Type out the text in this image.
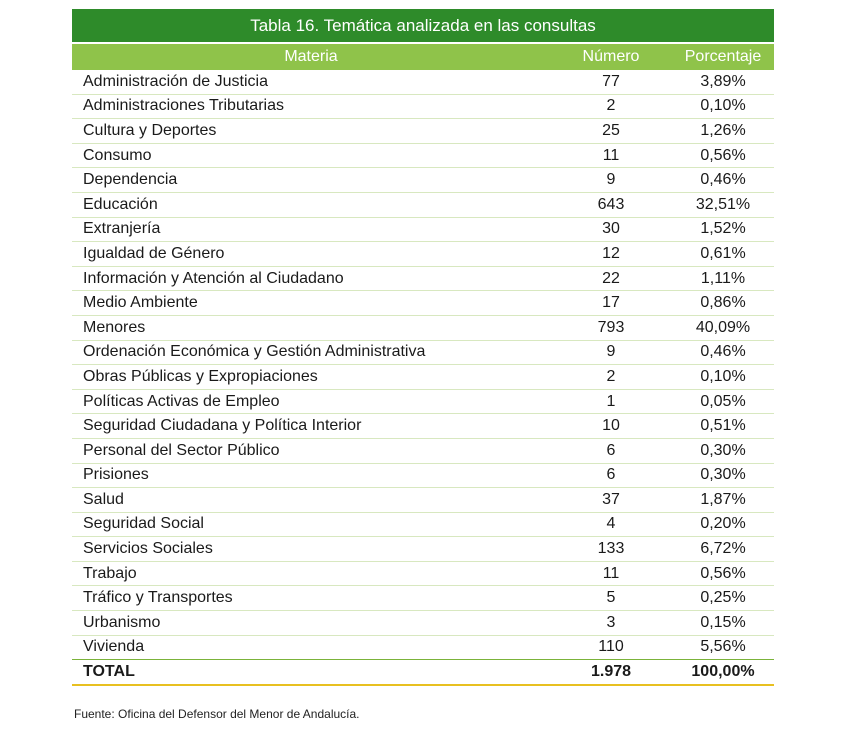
Tabla 16. Temática analizada en las consultas
Materia	Número	Porcentaje
Administración de Justicia	77	3,89%
Administraciones Tributarias	2	0,10%
Cultura y Deportes	25	1,26%
Consumo	11	0,56%
Dependencia	9	0,46%
Educación	643	32,51%
Extranjería	30	1,52%
Igualdad de Género	12	0,61%
Información y Atención al Ciudadano	22	1,11%
Medio Ambiente	17	0,86%
Menores	793	40,09%
Ordenación Económica y Gestión Administrativa	9	0,46%
Obras Públicas y Expropiaciones	2	0,10%
Políticas Activas de Empleo	1	0,05%
Seguridad Ciudadana y Política Interior	10	0,51%
Personal del Sector Público	6	0,30%
Prisiones	6	0,30%
Salud	37	1,87%
Seguridad Social	4	0,20%
Servicios Sociales	133	6,72%
Trabajo	11	0,56%
Tráfico y Transportes	5	0,25%
Urbanismo	3	0,15%
Vivienda	110	5,56%
TOTAL	1.978	100,00%
Fuente: Oficina del Defensor del Menor de Andalucía.
